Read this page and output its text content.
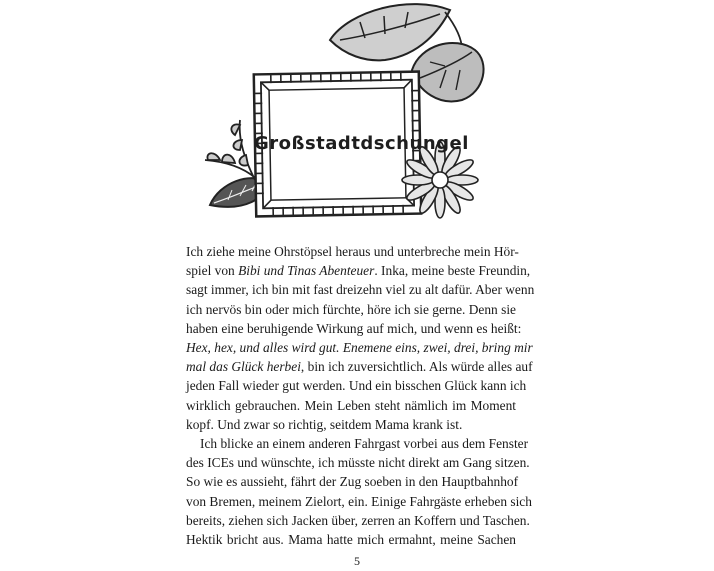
Großstadtdschungel
Ich ziehe meine Ohrstöpsel heraus und unterbreche mein Hör-
spiel von Bibi und Tinas Abenteuer. Inka, meine beste Freundin,
sagt immer, ich bin mit fast dreizehn viel zu alt dafür. Aber wenn
ich nervös bin oder mich fürchte, höre ich sie gerne. Denn sie
haben eine beruhigende Wirkung auf mich, und wenn es heißt:
Hex, hex, und alles wird gut. Enemene eins, zwei, drei, bring mir
mal das Glück herbei, bin ich zuversichtlich. Als würde alles auf
jeden Fall wieder gut werden. Und ein bisschen Glück kann ich
wirklich gebrauchen. Mein Leben steht nämlich im Moment
kopf. Und zwar so richtig, seitdem Mama krank ist.
Ich blicke an einem anderen Fahrgast vorbei aus dem Fenster
des ICEs und wünschte, ich müsste nicht direkt am Gang sitzen.
So wie es aussieht, fährt der Zug soeben in den Hauptbahnhof
von Bremen, meinem Zielort, ein. Einige Fahrgäste erheben sich
bereits, ziehen sich Jacken über, zerren an Koffern und Taschen.
Hektik bricht aus. Mama hatte mich ermahnt, meine Sachen
5
